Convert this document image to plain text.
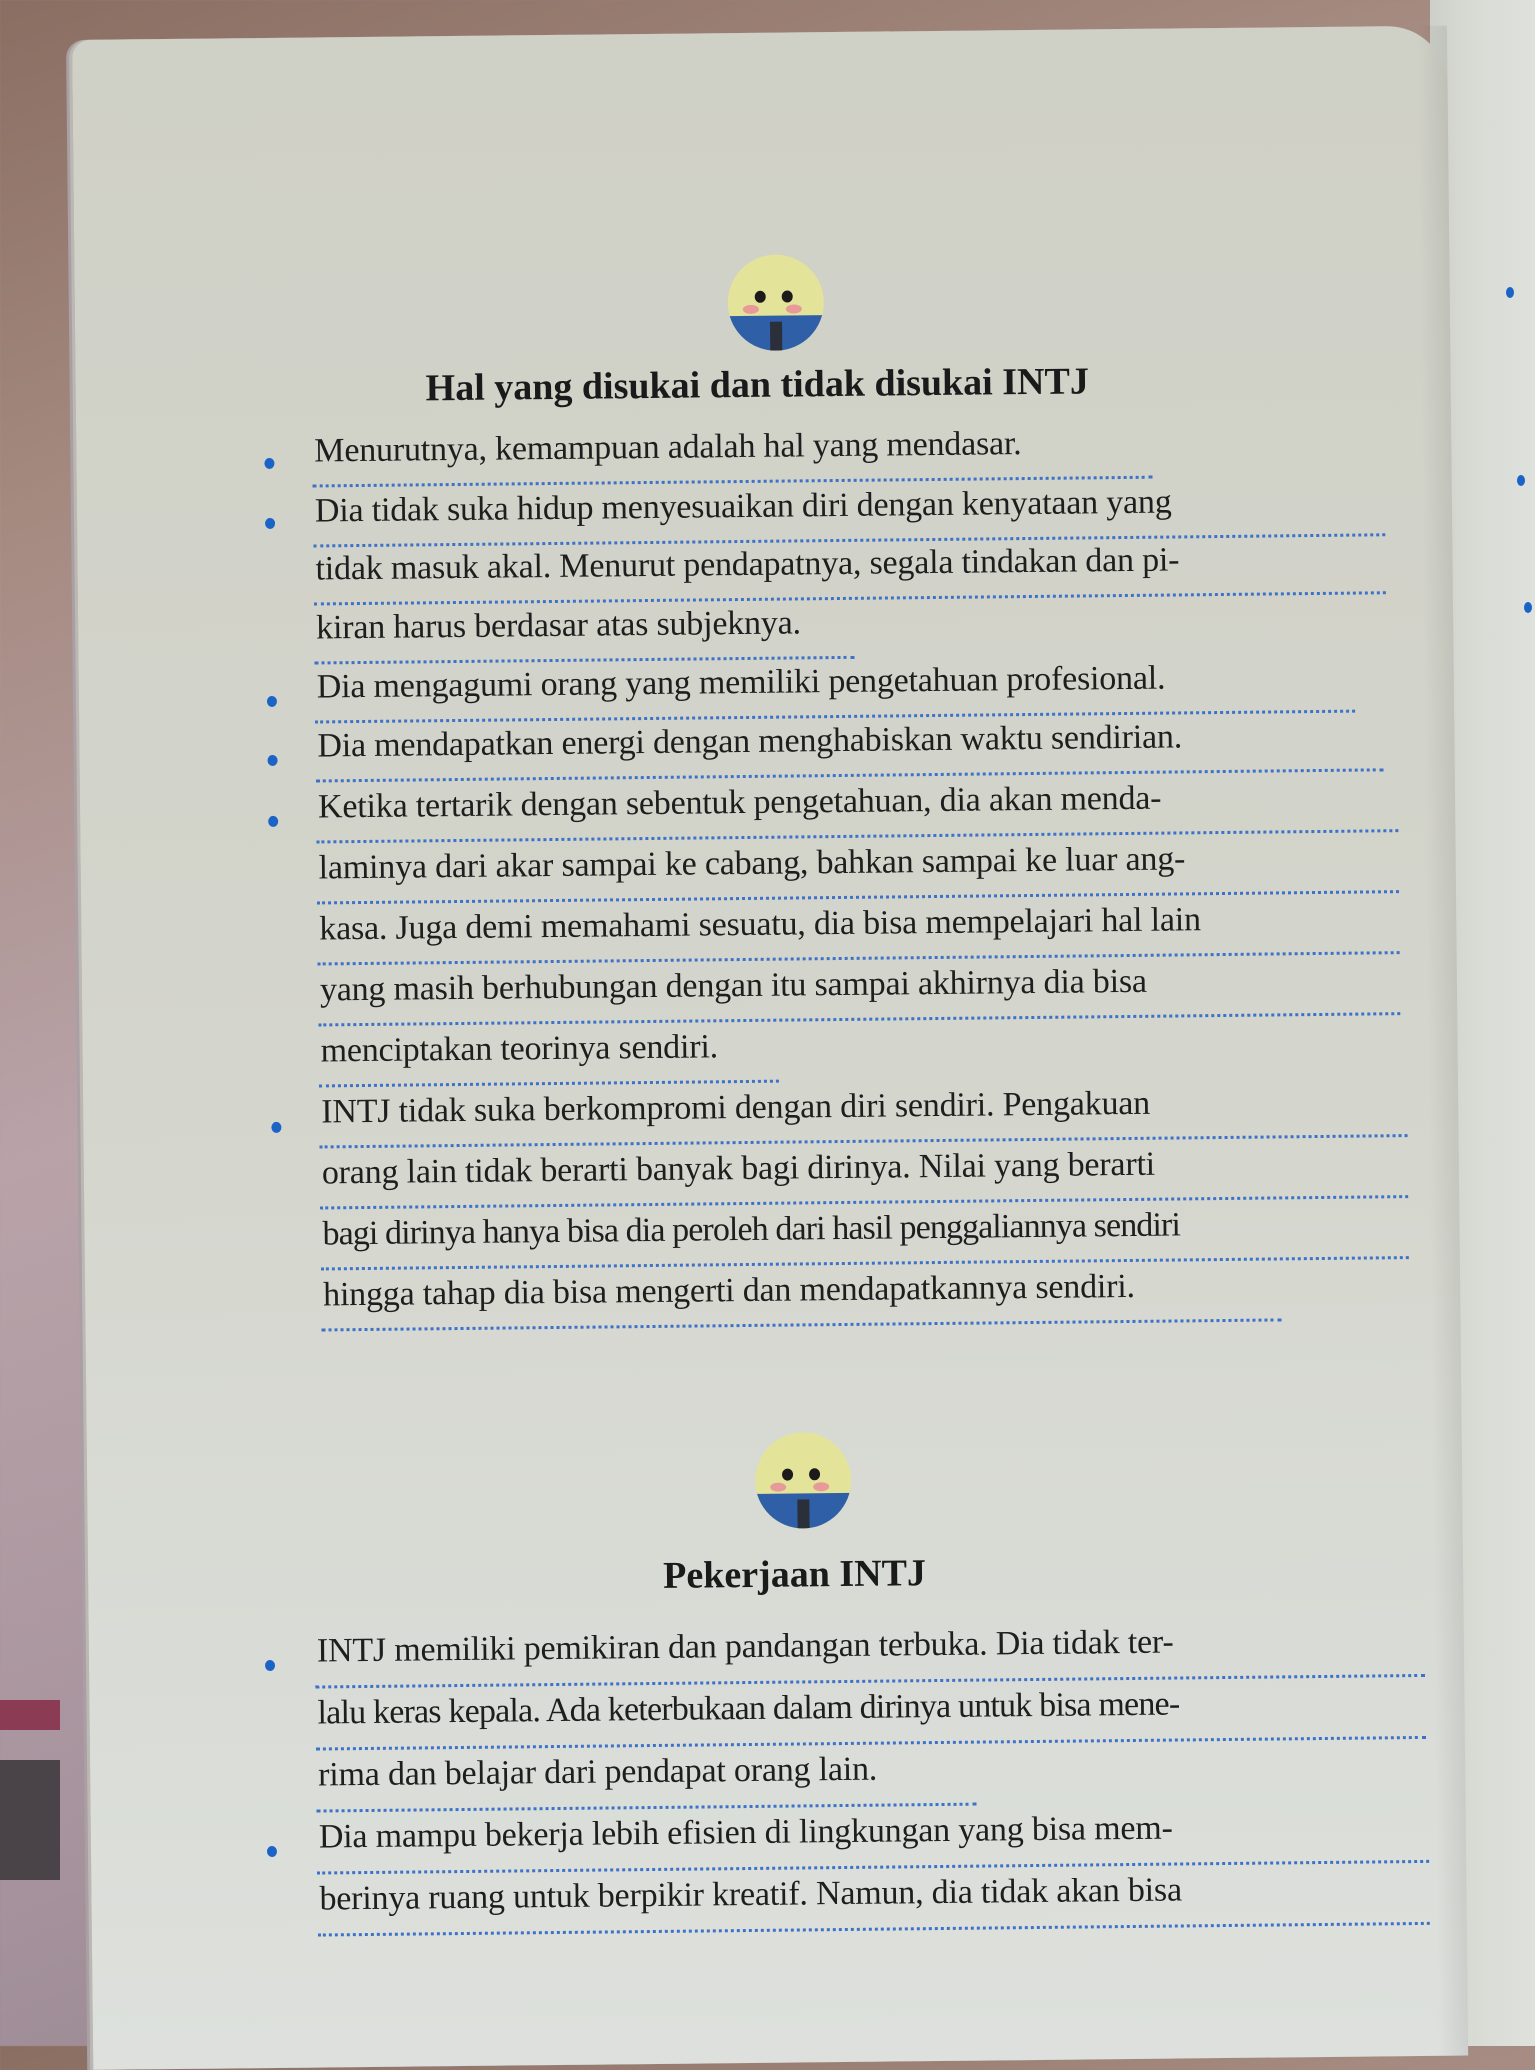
Hal yang disukai dan tidak disukai INTJ
Menurutnya, kemampuan adalah hal yang mendasar.
Dia tidak suka hidup menyesuaikan diri dengan kenyataan yang
tidak masuk akal. Menurut pendapatnya, segala tindakan dan pi-
kiran harus berdasar atas subjeknya.
Dia mengagumi orang yang memiliki pengetahuan profesional.
Dia mendapatkan energi dengan menghabiskan waktu sendirian.
Ketika tertarik dengan sebentuk pengetahuan, dia akan menda-
laminya dari akar sampai ke cabang, bahkan sampai ke luar ang-
kasa. Juga demi memahami sesuatu, dia bisa mempelajari hal lain
yang masih berhubungan dengan itu sampai akhirnya dia bisa
menciptakan teorinya sendiri.
INTJ tidak suka berkompromi dengan diri sendiri. Pengakuan
orang lain tidak berarti banyak bagi dirinya. Nilai yang berarti
bagi dirinya hanya bisa dia peroleh dari hasil penggaliannya sendiri
hingga tahap dia bisa mengerti dan mendapatkannya sendiri.
Pekerjaan INTJ
INTJ memiliki pemikiran dan pandangan terbuka. Dia tidak ter-
lalu keras kepala. Ada keterbukaan dalam dirinya untuk bisa mene-
rima dan belajar dari pendapat orang lain.
Dia mampu bekerja lebih efisien di lingkungan yang bisa mem-
berinya ruang untuk berpikir kreatif. Namun, dia tidak akan bisa
